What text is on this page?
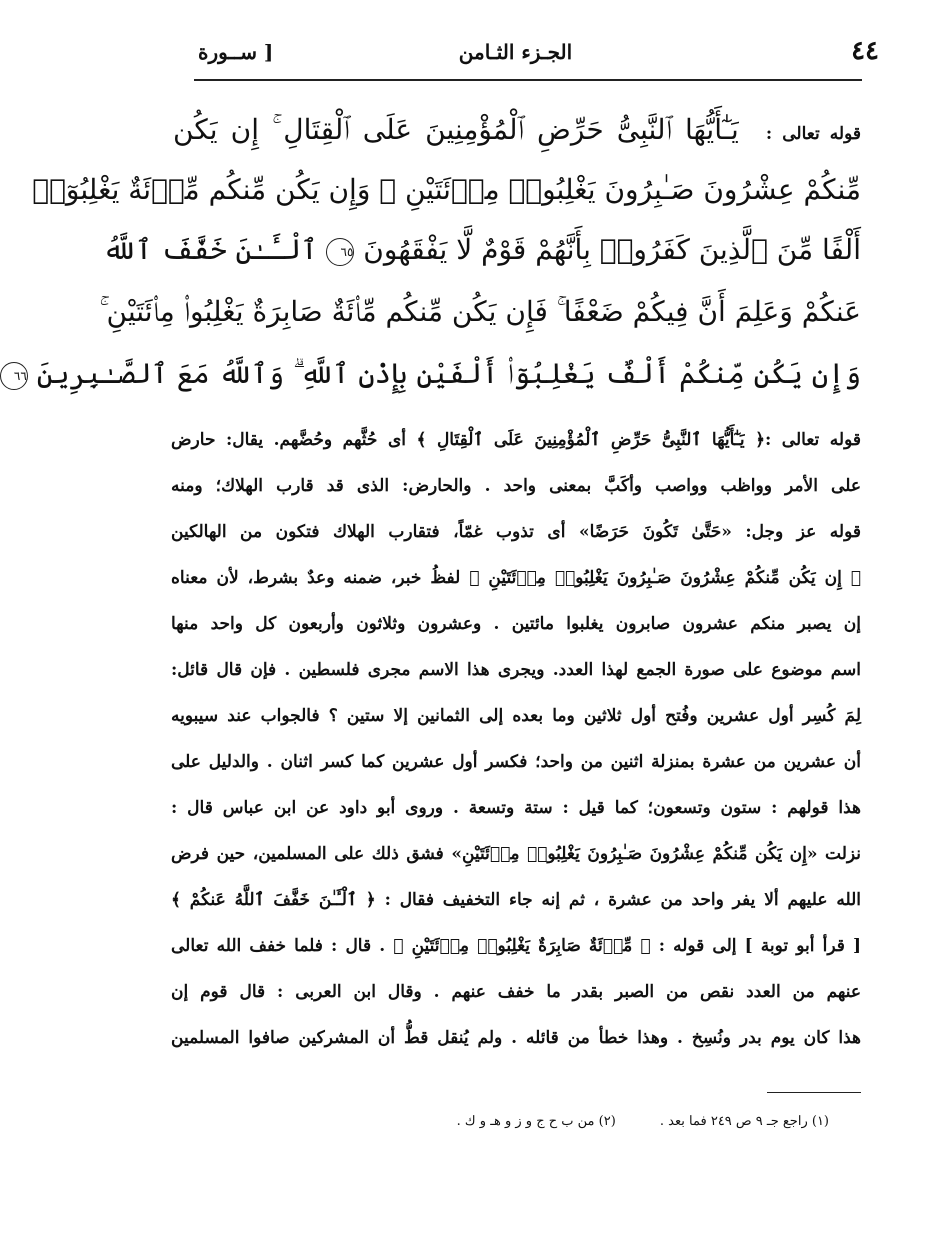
٤٤
الجـزء الثـامن
[ ســورة
قوله تعالى : يَـٰٓأَيُّهَا ٱلنَّبِىُّ حَرِّضِ ٱلْمُؤْمِنِينَ عَلَى ٱلْقِتَالِ ۚ إِن يَكُن
مِّنكُمْ عِشْرُونَ صَـٰبِرُونَ يَغْلِبُوا۟ مِا۟ئَتَيْنِ ۚ وَإِن يَكُن مِّنكُم مِّا۟ئَةٌ يَغْلِبُوٓا۟
أَلْفًا مِّنَ ٱلَّذِينَ كَفَرُوا۟ بِأَنَّهُمْ قَوْمٌ لَّا يَفْقَهُونَ ٦٥ ٱلْـَٔـٰنَ خَفَّفَ ٱللَّهُ
عَنكُمْ وَعَلِمَ أَنَّ فِيكُمْ ضَعْفًا ۚ فَإِن يَكُن مِّنكُم مِّا۟ئَةٌ صَابِرَةٌ يَغْلِبُوا۟ مِا۟ئَتَيْنِ ۚ
وَإِن يَكُن مِّنكُمْ أَلْفٌ يَغْلِبُوٓا۟ أَلْفَيْنِ بِإِذْنِ ٱللَّهِ ۗ وَٱللَّهُ مَعَ ٱلصَّـٰبِرِينَ ٦٦
قوله تعالى :﴿ يَـٰٓأَيُّهَا ٱلنَّبِىُّ حَرِّضِ ٱلْمُؤْمِنِينَ عَلَى ٱلْقِتَالِ ﴾ أى حُثَّهم وحُضَّهم. يقال: حارض
على الأمر وواظب وواصب وأكَبَّ بمعنى واحد . والحارض: الذى قد قارب الهلاك؛ ومنه
قوله عز وجل: «حَتَّىٰ تَكُونَ حَرَضًا» أى تذوب غمّاً، فتقارب الهلاك فتكون من الهالكين
﴿ إِن يَكُن مِّنكُمْ عِشْرُونَ صَـٰبِرُونَ يَغْلِبُوا۟ مِا۟ئَتَيْنِ ﴾ لفظُ خبر، ضمنه وعدٌ بشرط، لأن معناه
إن يصبر منكم عشرون صابرون يغلبوا مائتين . وعشرون وثلاثون وأربعون كل واحد منها
اسم موضوع على صورة الجمع لهذا العدد. ويجرى هذا الاسم مجرى فلسطين . فإن قال قائل:
لِمَ كُسِر أول عشرين وفُتح أول ثلاثين وما بعده إلى الثمانين إلا ستين ؟ فالجواب عند سيبويه
أن عشرين من عشرة بمنزلة اثنين من واحد؛ فكسر أول عشرين كما كسر اثنان . والدليل على
هذا قولهم : ستون وتسعون؛ كما قيل : ستة وتسعة . وروى أبو داود عن ابن عباس قال :
نزلت «إِن يَكُن مِّنكُمْ عِشْرُونَ صَـٰبِرُونَ يَغْلِبُوا۟ مِا۟ئَتَيْنِ» فشق ذلك على المسلمين، حين فرض
الله عليهم ألا يفر واحد من عشرة ، ثم إنه جاء التخفيف فقال : ﴿ ٱلْـَٔـٰنَ خَفَّفَ ٱللَّهُ عَنكُمْ ﴾
[ قرأ أبو توبة ] إلى قوله : ﴿ مِّا۟ئَةٌ صَابِرَةٌ يَغْلِبُوا۟ مِا۟ئَتَيْنِ ﴾ . قال : فلما خفف الله تعالى
عنهم من العدد نقص من الصبر بقدر ما خفف عنهم . وقال ابن العربى : قال قوم إن
هذا كان يوم بدر ونُسِخ . وهذا خطأ من قائله . ولم يُنقل قطُّ أن المشركين صافوا المسلمين
(١) راجع جـ ٩ ص ٢٤٩ فما بعد . (٢) من ب ح ج و ز و هـ و ك .
